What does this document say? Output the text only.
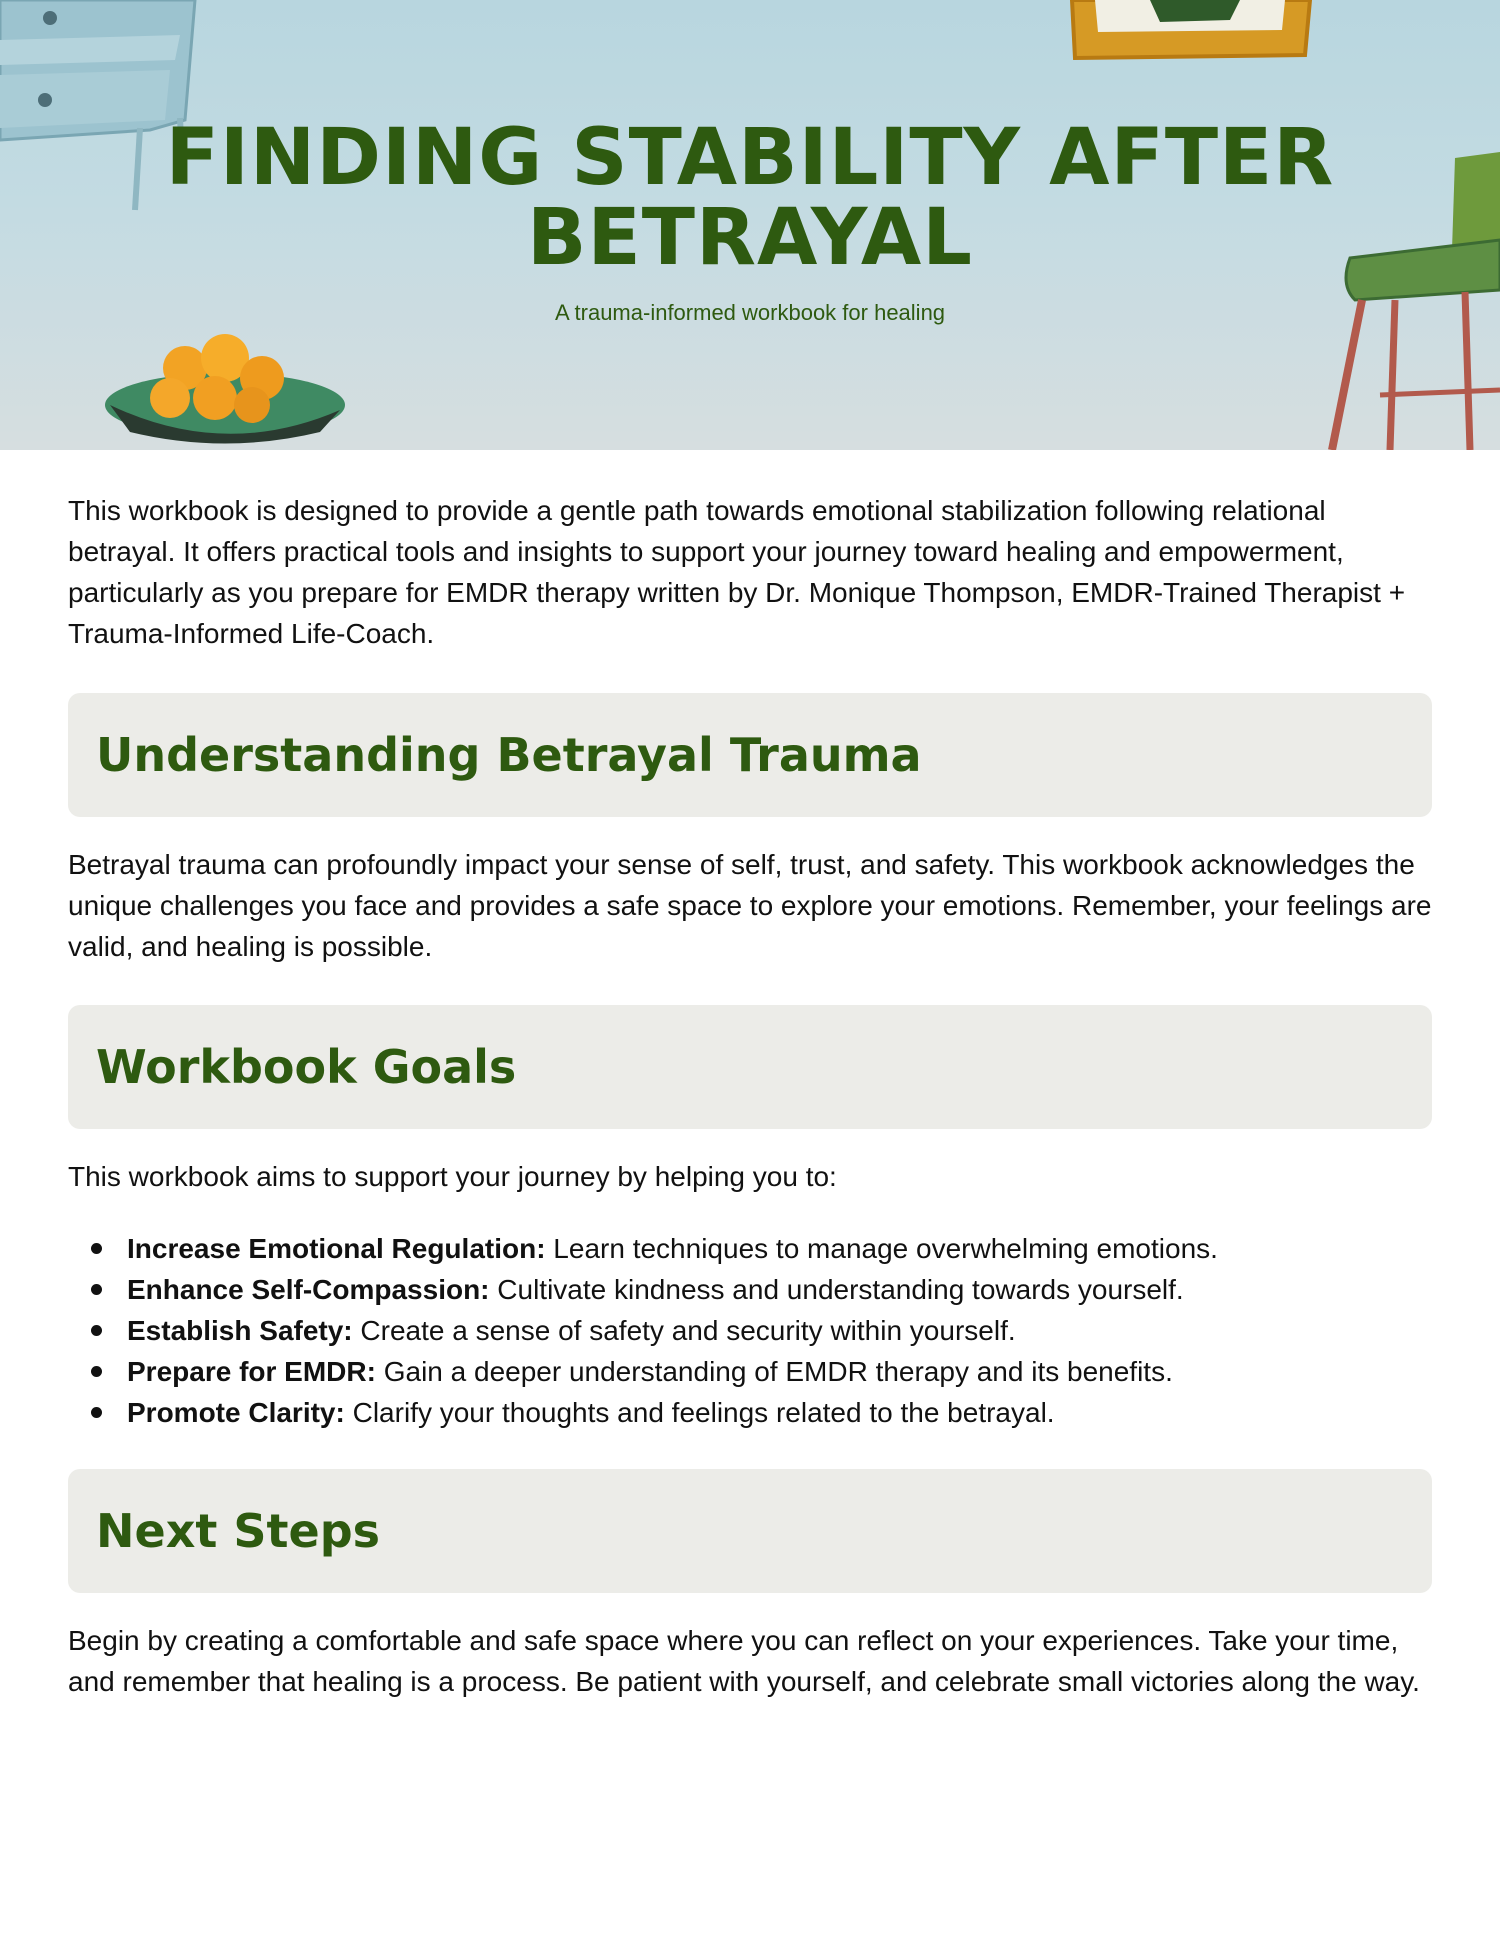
FINDING STABILITY AFTER BETRAYAL

A trauma-informed workbook for healing

This workbook is designed to provide a gentle path towards emotional stabilization following relational betrayal. It offers practical tools and insights to support your journey toward healing and empowerment, particularly as you prepare for EMDR therapy written by Dr. Monique Thompson, EMDR-Trained Therapist + Trauma-Informed Life-Coach.

Understanding Betrayal Trauma

Betrayal trauma can profoundly impact your sense of self, trust, and safety. This workbook acknowledges the unique challenges you face and provides a safe space to explore your emotions. Remember, your feelings are valid, and healing is possible.

Workbook Goals

This workbook aims to support your journey by helping you to:

Increase Emotional Regulation: Learn techniques to manage overwhelming emotions.
Enhance Self-Compassion: Cultivate kindness and understanding towards yourself.
Establish Safety: Create a sense of safety and security within yourself.
Prepare for EMDR: Gain a deeper understanding of EMDR therapy and its benefits.
Promote Clarity: Clarify your thoughts and feelings related to the betrayal.
Next Steps

Begin by creating a comfortable and safe space where you can reflect on your experiences. Take your time, and remember that healing is a process. Be patient with yourself, and celebrate small victories along the way.
